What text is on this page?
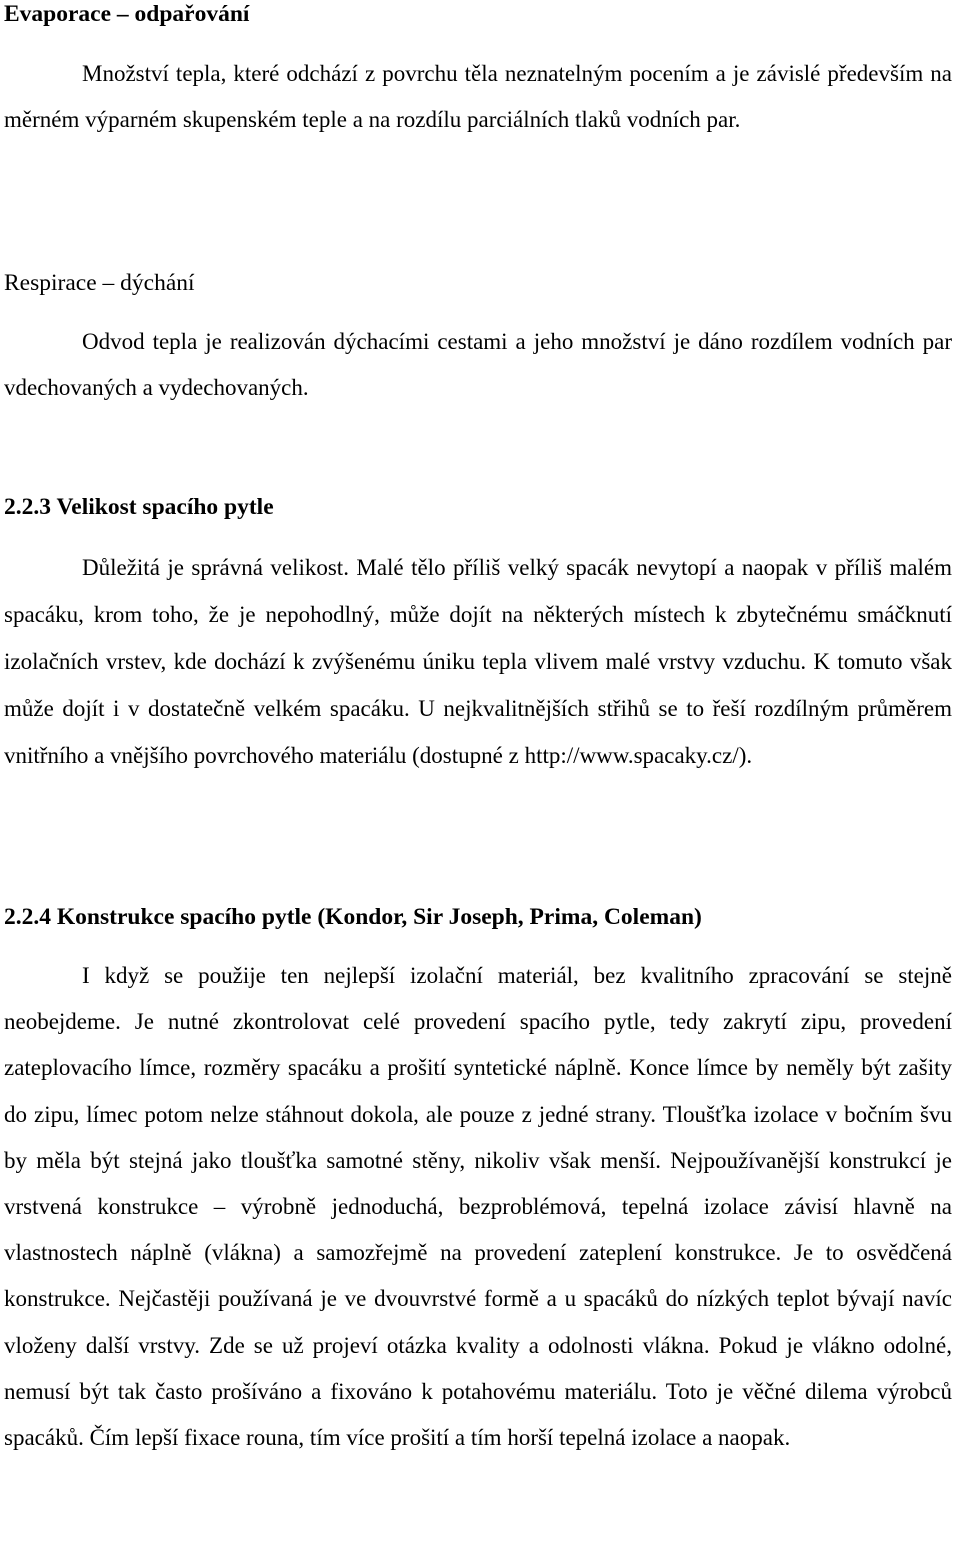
Evaporace – odpařování

Množství tepla, které odchází z povrchu těla neznatelným pocením a je závislé především na měrném výparném skupenském teple a na rozdílu parciálních tlaků vodních par.

Respirace – dýchání

Odvod tepla je realizován dýchacími cestami a jeho množství je dáno rozdílem vodních par vdechovaných a vydechovaných.

2.2.3 Velikost spacího pytle

Důležitá je správná velikost. Malé tělo příliš velký spacák nevytopí a naopak v příliš malém spacáku, krom toho, že je nepohodlný, může dojít na některých místech k zbytečnému smáčknutí izolačních vrstev, kde dochází k zvýšenému úniku tepla vlivem malé vrstvy vzduchu. K tomuto však může dojít i v dostatečně velkém spacáku. U nejkvalitnějších střihů se to řeší rozdílným průměrem vnitřního a vnějšího povrchového materiálu (dostupné z http://www.spacaky.cz/).

2.2.4 Konstrukce spacího pytle (Kondor, Sir Joseph, Prima, Coleman)

I když se použije ten nejlepší izolační materiál, bez kvalitního zpracování se stejně neobejdeme. Je nutné zkontrolovat celé provedení spacího pytle, tedy zakrytí zipu, provedení zateplovacího límce, rozměry spacáku a prošití syntetické náplně. Konce límce by neměly být zašity do zipu, límec potom nelze stáhnout dokola, ale pouze z jedné strany. Tloušťka izolace v bočním švu by měla být stejná jako tloušťka samotné stěny, nikoliv však menší. Nejpoužívanější konstrukcí je vrstvená konstrukce – výrobně jednoduchá, bezproblémová, tepelná izolace závisí hlavně na vlastnostech náplně (vlákna) a samozřejmě na provedení zateplení konstrukce. Je to osvědčená konstrukce. Nejčastěji používaná je ve dvouvrstvé formě a u spacáků do nízkých teplot bývají navíc vloženy další vrstvy. Zde se už projeví otázka kvality a odolnosti vlákna. Pokud je vlákno odolné, nemusí být tak často prošíváno a fixováno k potahovému materiálu. Toto je věčné dilema výrobců spacáků. Čím lepší fixace rouna, tím více prošití a tím horší tepelná izolace a naopak.
